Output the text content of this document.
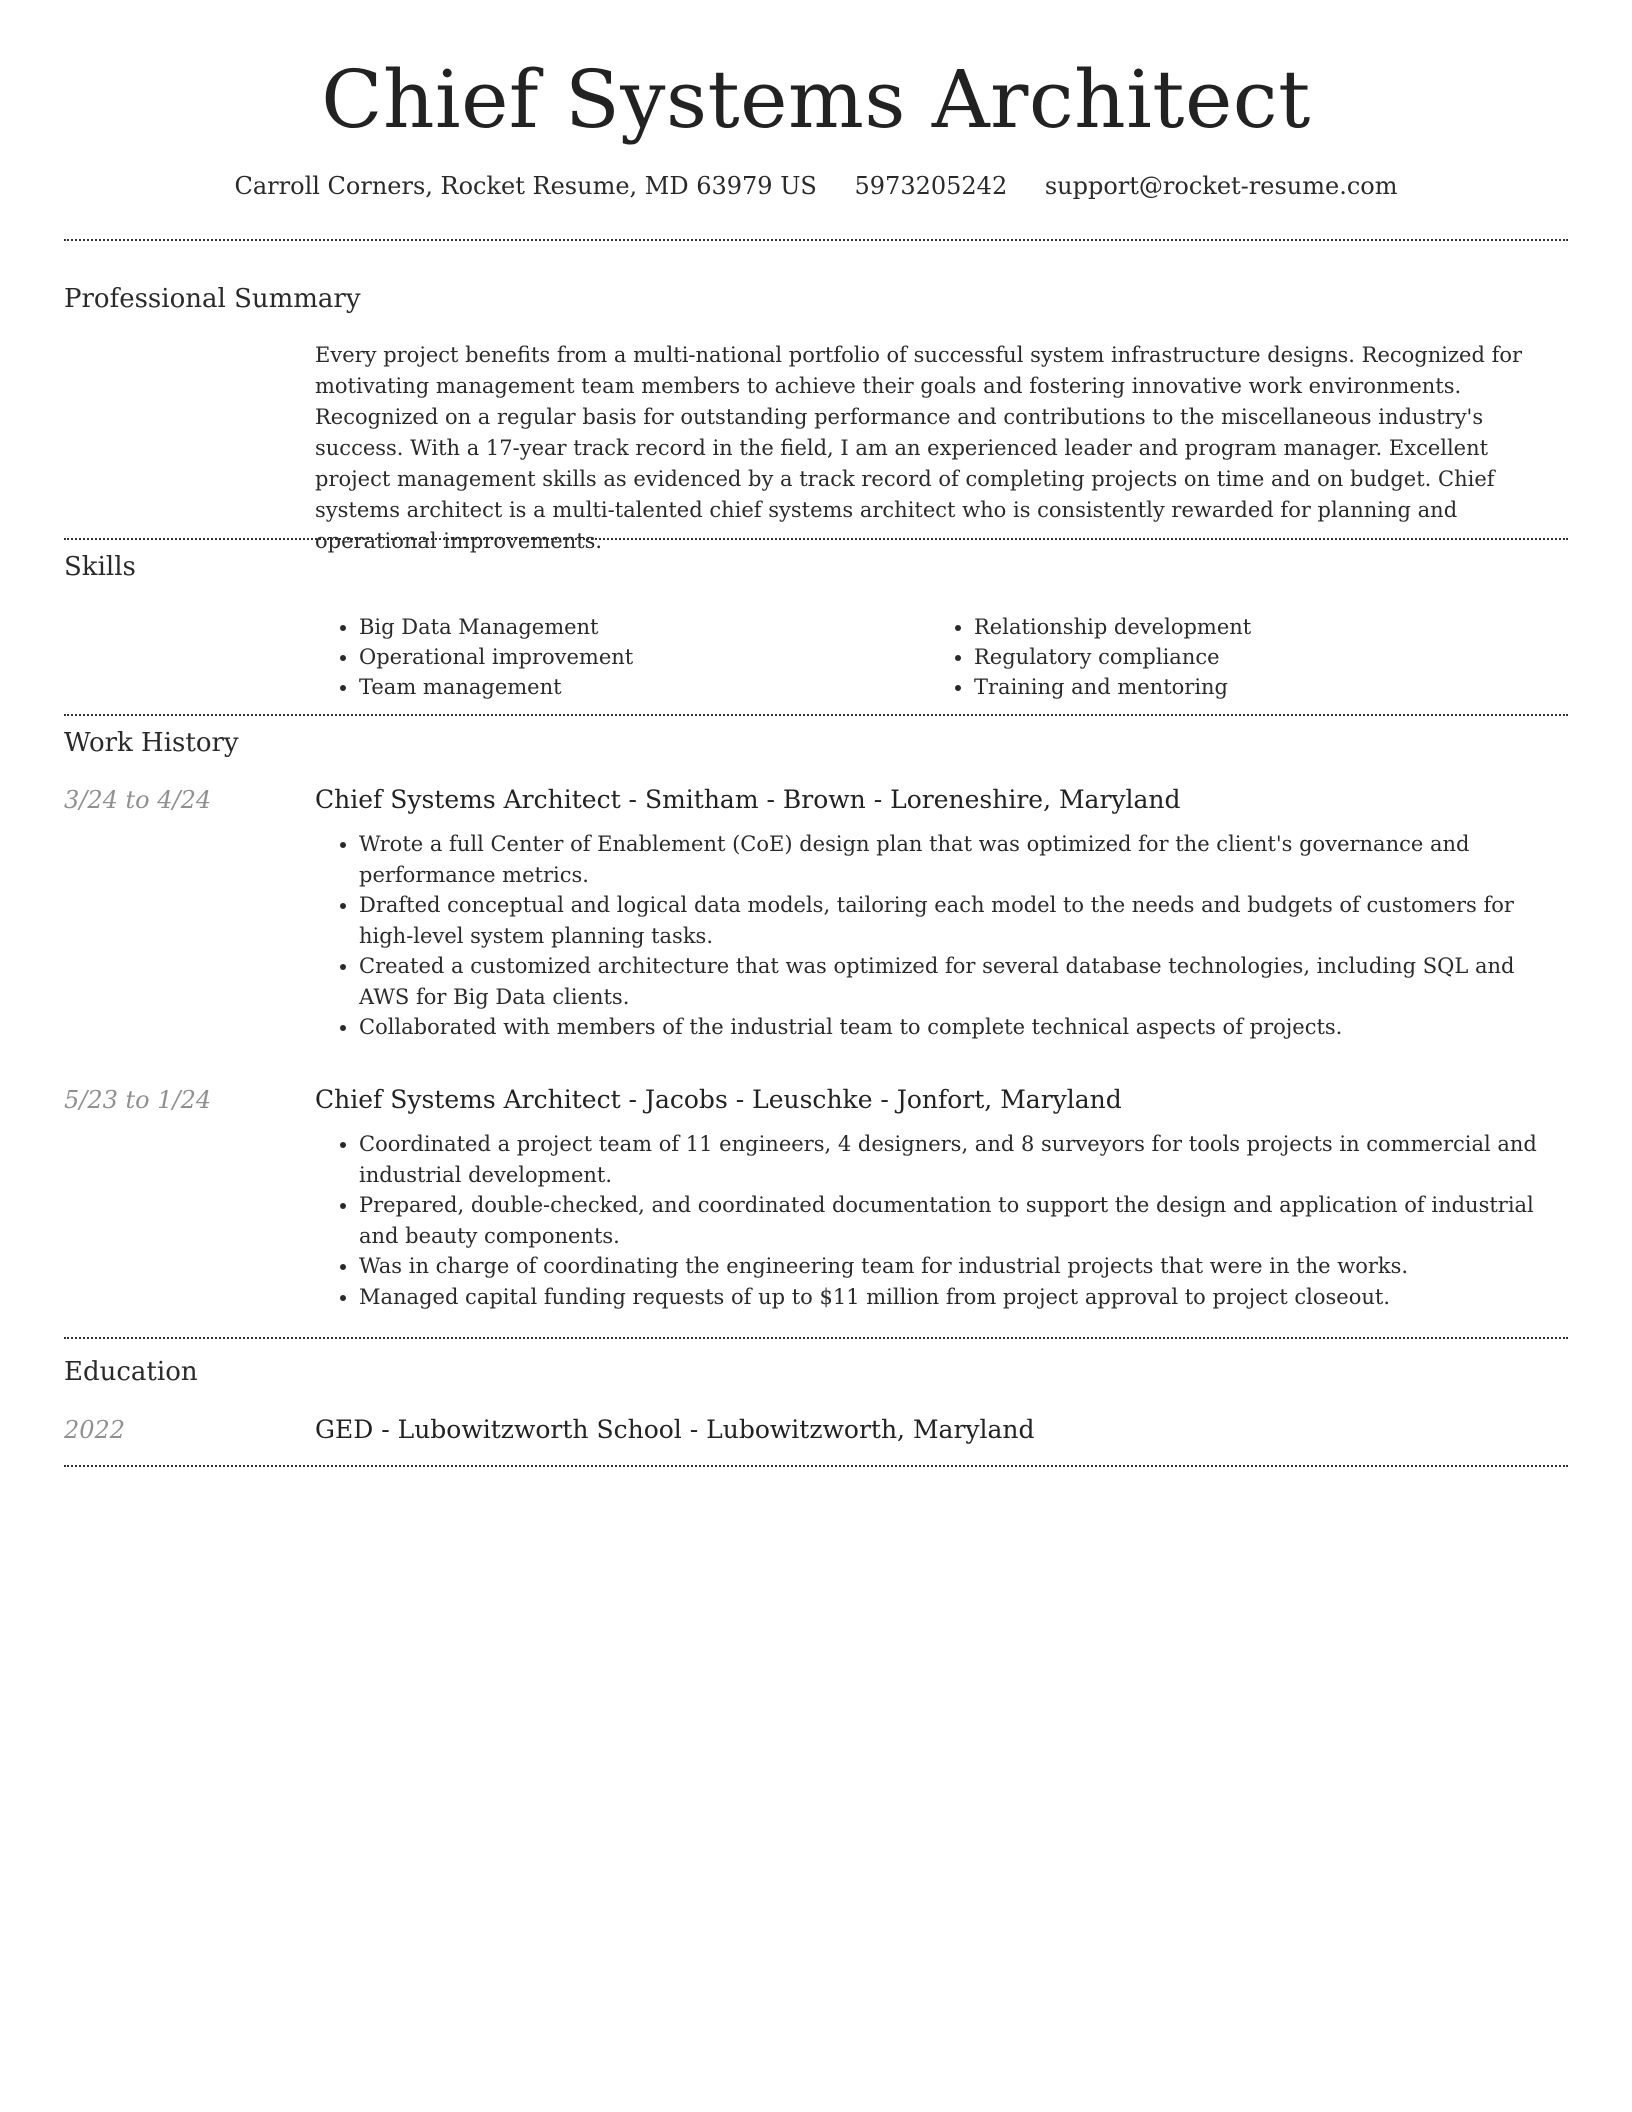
Chief Systems Architect
Carroll Corners, Rocket Resume, MD 63979 US 5973205242 support@rocket-resume.com
Professional Summary
Every project benefits from a multi-national portfolio of successful system infrastructure designs. Recognized for motivating management team members to achieve their goals and fostering innovative work environments. Recognized on a regular basis for outstanding performance and contributions to the miscellaneous industry's success. With a 17-year track record in the field, I am an experienced leader and program manager. Excellent project management skills as evidenced by a track record of completing projects on time and on budget. Chief systems architect is a multi-talented chief systems architect who is consistently rewarded for planning and operational improvements.
Skills
• Big Data Management
• Operational improvement
• Team management
• Relationship development
• Regulatory compliance
• Training and mentoring
Work History
3/24 to 4/24	Chief Systems Architect - Smitham - Brown - Loreneshire, Maryland
• Wrote a full Center of Enablement (CoE) design plan that was optimized for the client's governance and performance metrics.
• Drafted conceptual and logical data models, tailoring each model to the needs and budgets of customers for high-level system planning tasks.
• Created a customized architecture that was optimized for several database technologies, including SQL and AWS for Big Data clients.
• Collaborated with members of the industrial team to complete technical aspects of projects.
5/23 to 1/24	Chief Systems Architect - Jacobs - Leuschke - Jonfort, Maryland
• Coordinated a project team of 11 engineers, 4 designers, and 8 surveyors for tools projects in commercial and industrial development.
• Prepared, double-checked, and coordinated documentation to support the design and application of industrial and beauty components.
• Was in charge of coordinating the engineering team for industrial projects that were in the works.
• Managed capital funding requests of up to $11 million from project approval to project closeout.
Education
2022	GED - Lubowitzworth School - Lubowitzworth, Maryland
